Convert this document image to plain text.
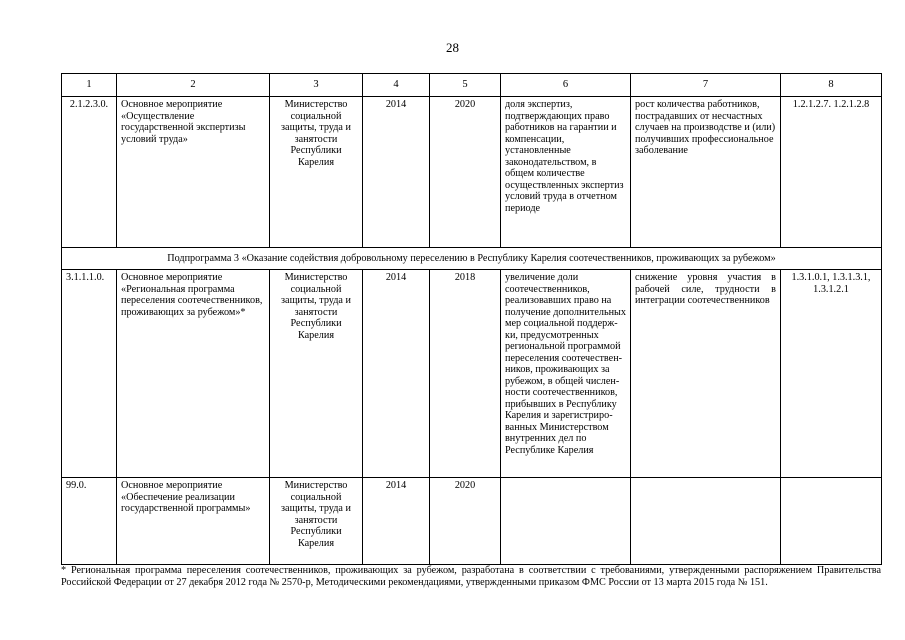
28
1	2	3	4	5	6	7	8
2.1.2.3.0.	Основное мероприятие «Осуществление государственной экспертизы условий труда»	Министерство социальной защиты, труда и занятости Республики Карелия	2014	2020	доля экспертиз, подтверждающих право работников на гарантии и компенсации, установленные законодательством, в общем количестве осуществленных экспертиз условий труда в отчетном периоде	рост количества работников, пострадавших от несчастных случаев на производстве и (или) получивших профессиональное заболевание	1.2.1.2.7. 1.2.1.2.8
Подпрограмма 3 «Оказание содействия добровольному переселению в Республику Карелия соотечественников, проживающих за рубежом»							
3.1.1.1.0.	Основное мероприятие «Региональная программа переселения соотечественников, проживающих за рубежом»*	Министерство социальной защиты, труда и занятости Республики Карелия	2014	2018	увеличение доли соотечественников, реализовавших право на получение дополнительных мер социальной поддерж-ки, предусмотренных региональной программой переселения соотечествен-ников, проживающих за рубежом, в общей числен-ности соотечественников, прибывших в Республику Карелия и зарегистриро-ванных Министерством внутренних дел по Республике Карелия	снижение уровня участия в рабочей силе, трудности в интеграции соотечественников	1.3.1.0.1, 1.3.1.3.1, 1.3.1.2.1
99.0.	Основное мероприятие «Обеспечение реализации государственной программы»	Министерство социальной защиты, труда и занятости Республики Карелия	2014	2020			
* Региональная программа переселения соотечественников, проживающих за рубежом, разработана в соответствии с требованиями, утвержденными распоряжением Правительства Российской Федерации от 27 декабря 2012 года № 2570-р, Методическими рекомендациями, утвержденными приказом ФМС России от 13 марта 2015 года № 151.
